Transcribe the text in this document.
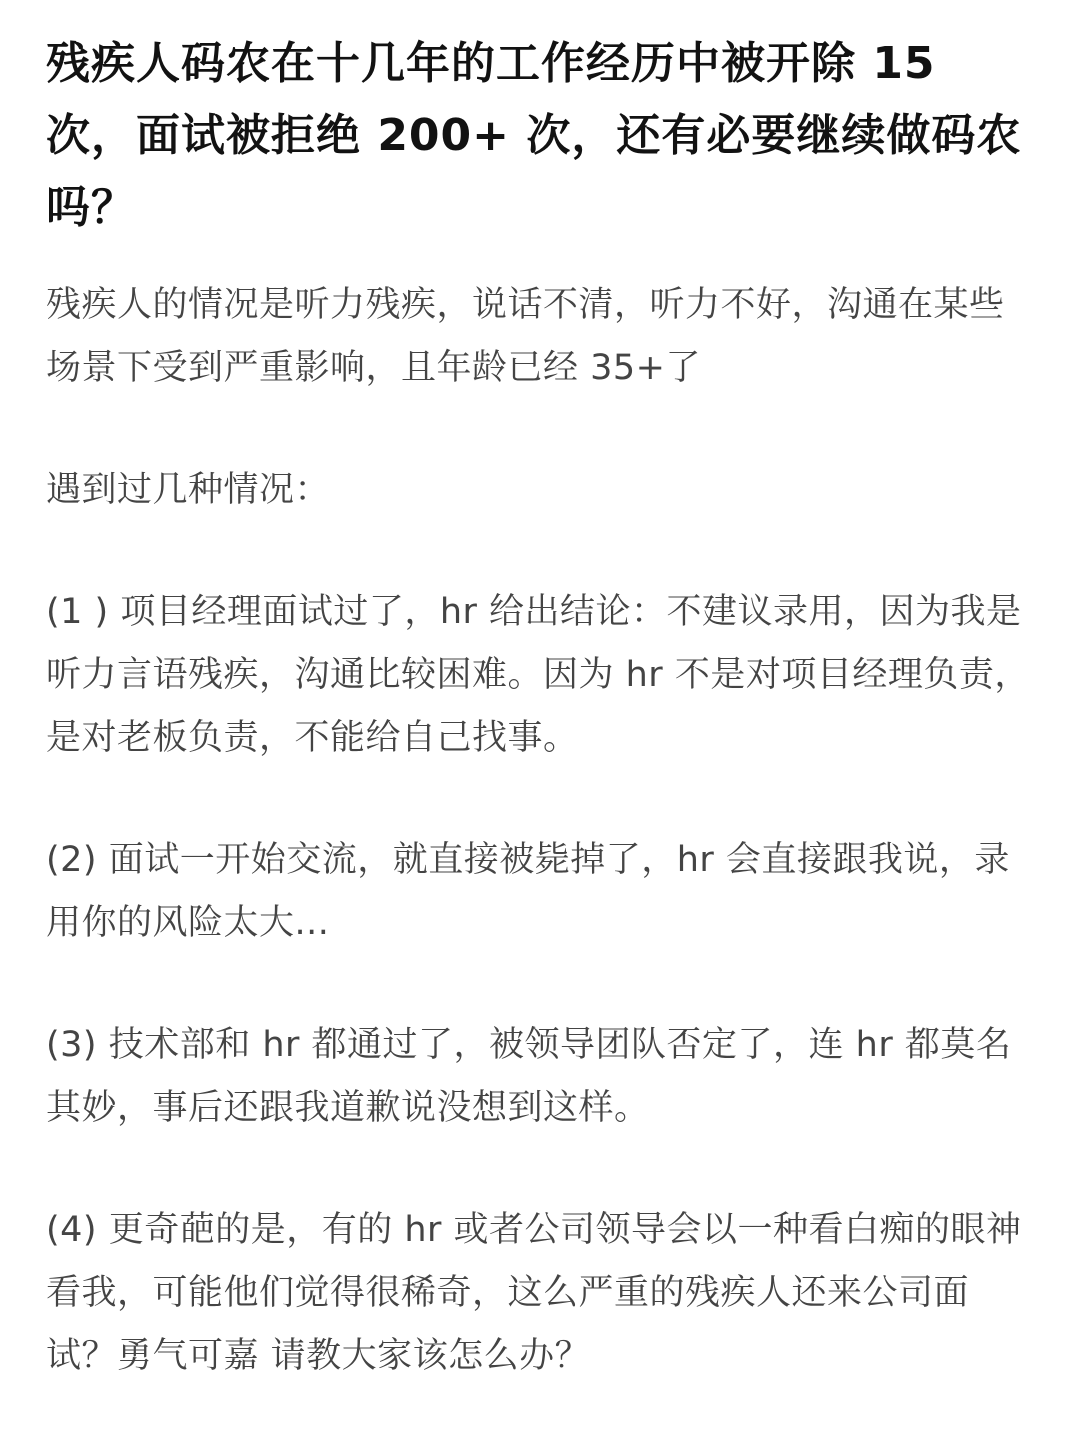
残疾人码农在十几年的工作经历中被开除 15 次，面试被拒绝 200+ 次，还有必要继续做码农吗？

残疾人的情况是听力残疾，说话不清，听力不好，沟通在某些场景下受到严重影响，且年龄已经 35+了

遇到过几种情况：

(1 ) 项目经理面试过了，hr 给出结论：不建议录用，因为我是听力言语残疾，沟通比较困难。因为 hr 不是对项目经理负责，是对老板负责，不能给自己找事。

(2) 面试一开始交流，就直接被毙掉了，hr 会直接跟我说，录用你的风险太大...

(3) 技术部和 hr 都通过了，被领导团队否定了，连 hr 都莫名其妙，事后还跟我道歉说没想到这样。

(4) 更奇葩的是，有的 hr 或者公司领导会以一种看白痴的眼神看我，可能他们觉得很稀奇，这么严重的残疾人还来公司面试？勇气可嘉 请教大家该怎么办？
